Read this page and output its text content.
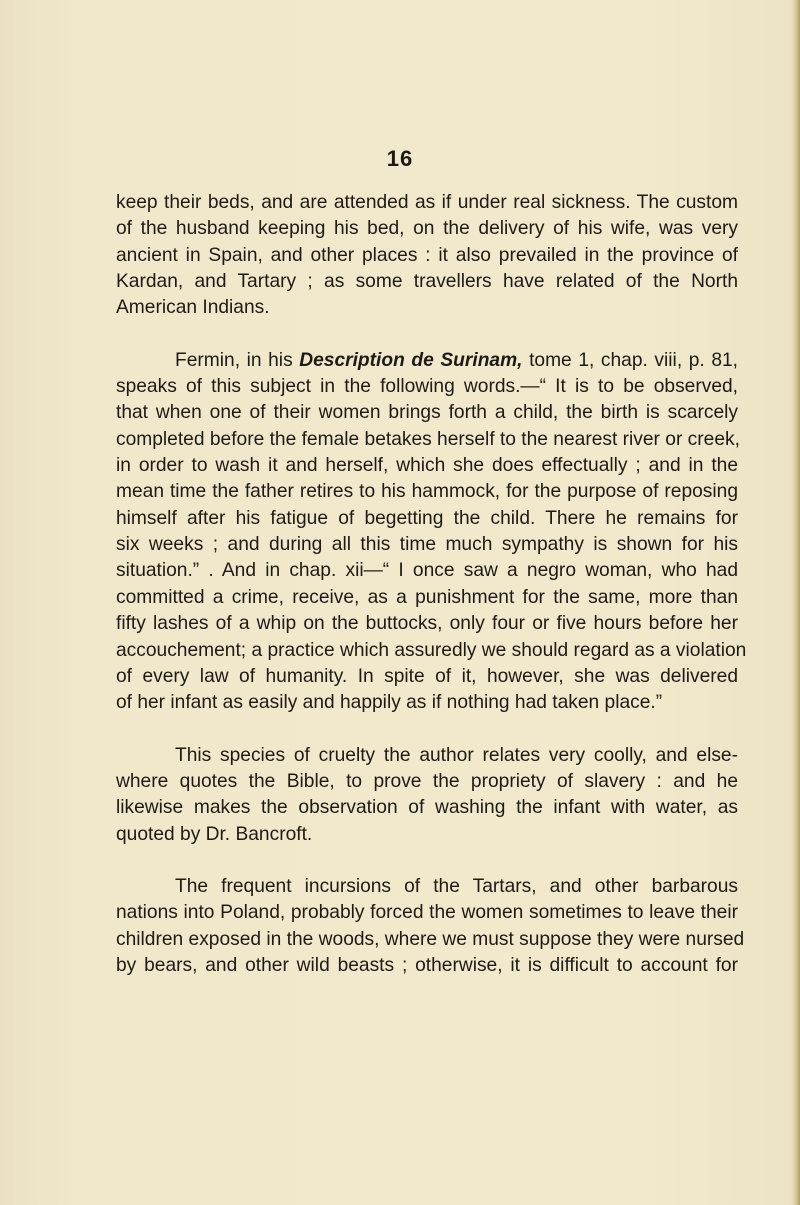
16
keep their beds, and are attended as if under real sickness. The custom
of the husband keeping his bed, on the delivery of his wife, was very
ancient in Spain, and other places : it also prevailed in the province of
Kardan, and Tartary ; as some travellers have related of the North
American Indians.
Fermin, in his Description de Surinam, tome 1, chap. viii, p. 81,
speaks of this subject in the following words.—“ It is to be observed,
that when one of their women brings forth a child, the birth is scarcely
completed before the female betakes herself to the nearest river or creek,
in order to wash it and herself, which she does effectually ; and in the
mean time the father retires to his hammock, for the purpose of reposing
himself after his fatigue of begetting the child. There he remains for
six weeks ; and during all this time much sympathy is shown for his
situation.” . And in chap. xii—“ I once saw a negro woman, who had
committed a crime, receive, as a punishment for the same, more than
fifty lashes of a whip on the buttocks, only four or five hours before her
accouchement; a practice which assuredly we should regard as a violation
of every law of humanity. In spite of it, however, she was delivered
of her infant as easily and happily as if nothing had taken place.”
This species of cruelty the author relates very coolly, and else-
where quotes the Bible, to prove the propriety of slavery : and he
likewise makes the observation of washing the infant with water, as
quoted by Dr. Bancroft.
The frequent incursions of the Tartars, and other barbarous
nations into Poland, probably forced the women sometimes to leave their
children exposed in the woods, where we must suppose they were nursed
by bears, and other wild beasts ; otherwise, it is difficult to account for
